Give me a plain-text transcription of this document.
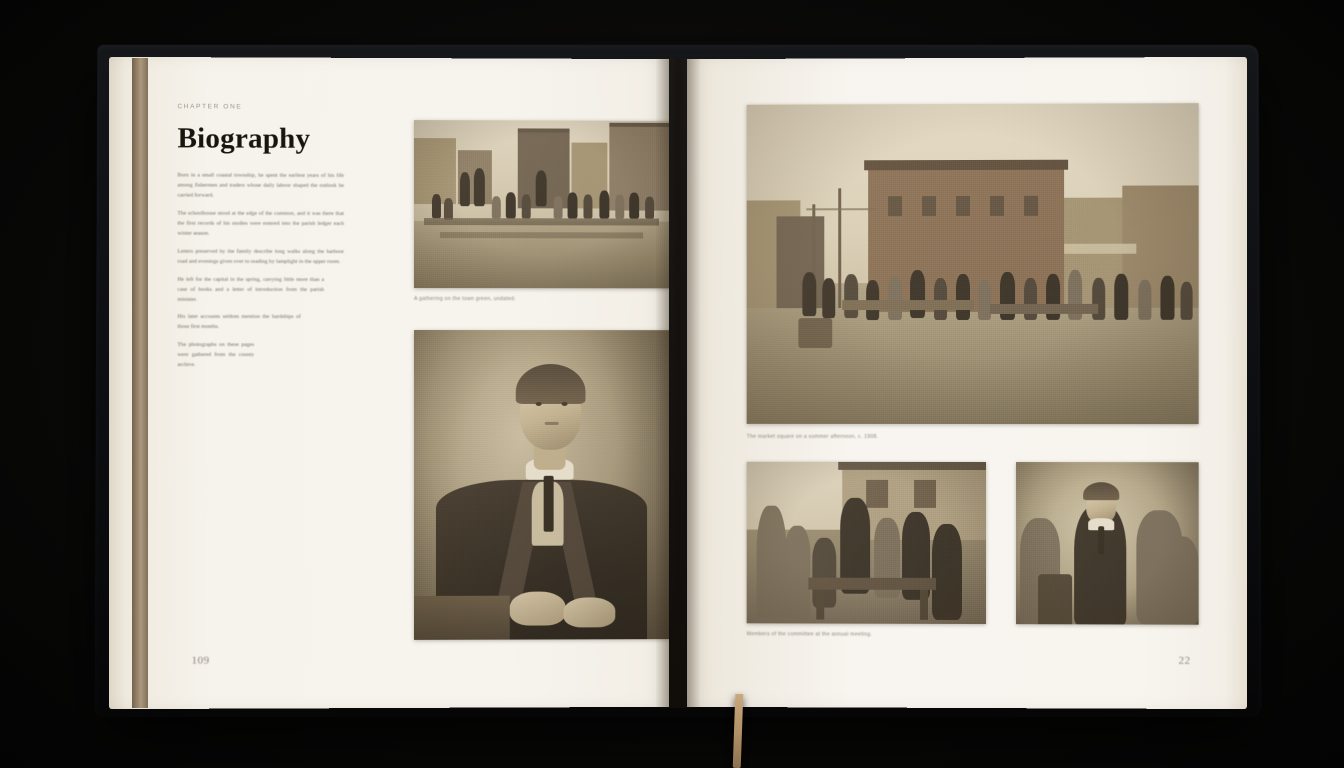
CHAPTER ONE
Biography

Born in a small coastal township, he spent the earliest years of his life among fishermen and traders whose daily labour shaped the outlook he carried forward.

The schoolhouse stood at the edge of the common, and it was there that the first records of his studies were entered into the parish ledger each winter season.

Letters preserved by the family describe long walks along the harbour road and evenings given over to reading by lamplight in the upper room.

He left for the capital in the spring, carrying little more than a case of books and a letter of introduction from the parish minister.

His later accounts seldom mention the hardships of those first months.

The photographs on these pages were gathered from the county archive.

A gathering on the town green, undated.
109
The market square on a summer afternoon, c. 1908.
Members of the committee at the annual meeting.
22
